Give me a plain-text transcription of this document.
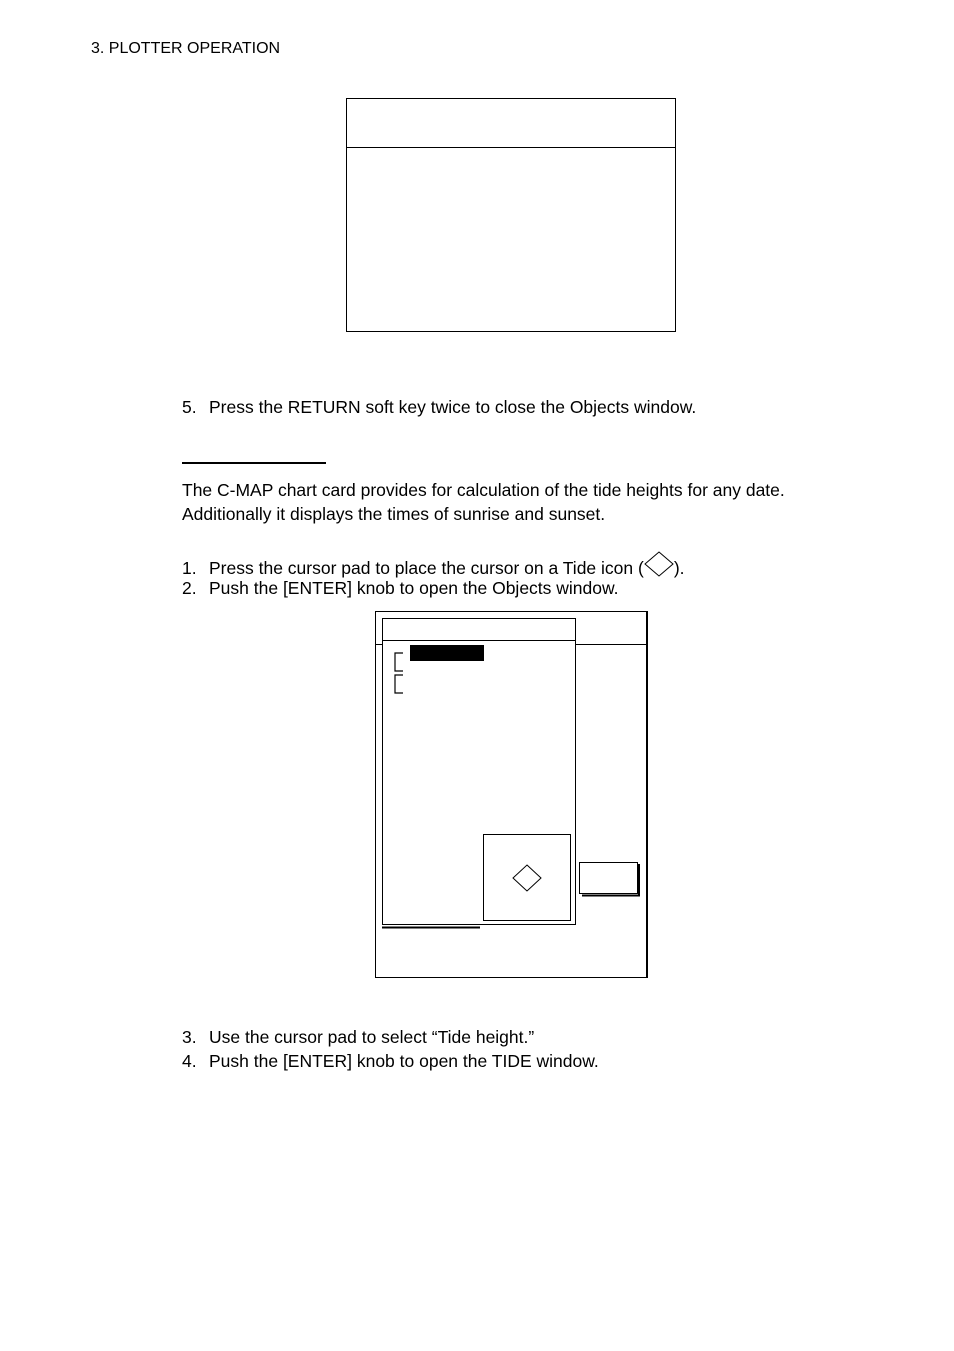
3. PLOTTER OPERATION
5. Press the RETURN soft key twice to close the Objects window.
The C-MAP chart card provides for calculation of the tide heights for any date.
Additionally it displays the times of sunrise and sunset.
1. Press the cursor pad to place the cursor on a Tide icon ( ).
2. Push the [ENTER] knob to open the Objects window.
3. Use the cursor pad to select “Tide height.”
4. Push the [ENTER] knob to open the TIDE window.
